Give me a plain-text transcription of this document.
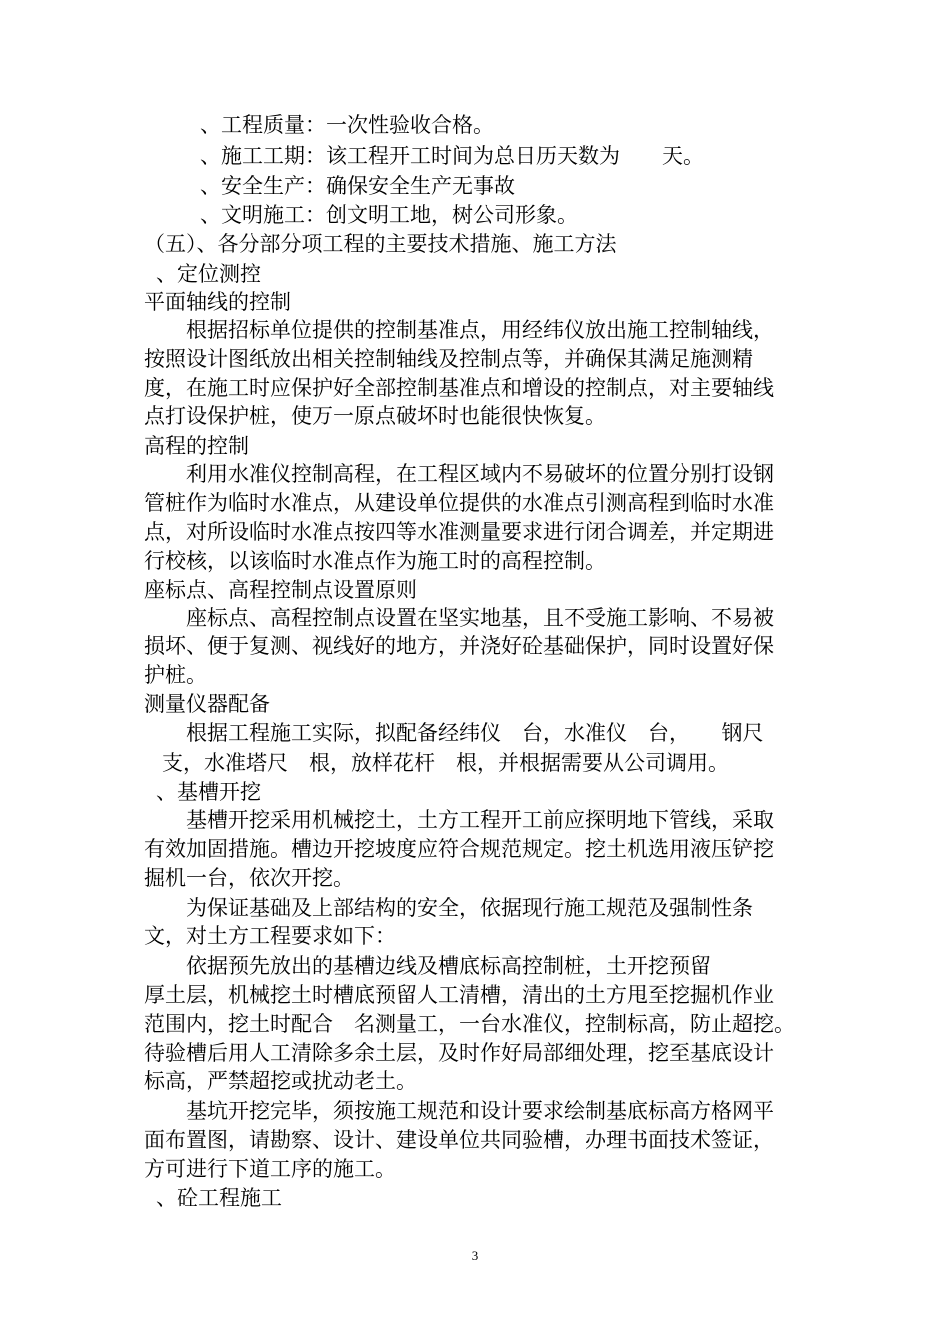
、工程质量：一次性验收合格。
、施工工期：该工程开工时间为总日历天数为　　天。
、安全生产：确保安全生产无事故
、文明施工：创文明工地，树公司形象。
（五）、各分部分项工程的主要技术措施、施工方法
、定位测控
平面轴线的控制
根据招标单位提供的控制基准点，用经纬仪放出施工控制轴线，
按照设计图纸放出相关控制轴线及控制点等，并确保其满足施测精
度，在施工时应保护好全部控制基准点和增设的控制点，对主要轴线
点打设保护桩，使万一原点破坏时也能很快恢复。
高程的控制
利用水准仪控制高程，在工程区域内不易破坏的位置分别打设钢
管桩作为临时水准点，从建设单位提供的水准点引测高程到临时水准
点，对所设临时水准点按四等水准测量要求进行闭合调差，并定期进
行校核，以该临时水准点作为施工时的高程控制。
座标点、高程控制点设置原则
座标点、高程控制点设置在坚实地基，且不受施工影响、不易被
损坏、便于复测、视线好的地方，并浇好砼基础保护，同时设置好保
护桩。
测量仪器配备
根据工程施工实际，拟配备经纬仪　台，水准仪　台，　　钢尺
支，水准塔尺　根，放样花杆　根，并根据需要从公司调用。
、基槽开挖
基槽开挖采用机械挖土，土方工程开工前应探明地下管线，采取
有效加固措施。槽边开挖坡度应符合规范规定。挖土机选用液压铲挖
掘机一台，依次开挖。
为保证基础及上部结构的安全，依据现行施工规范及强制性条
文，对土方工程要求如下：
依据预先放出的基槽边线及槽底标高控制桩，土开挖预留
厚土层，机械挖土时槽底预留人工清槽，清出的土方甩至挖掘机作业
范围内，挖土时配合　名测量工，一台水准仪，控制标高，防止超挖。
待验槽后用人工清除多余土层，及时作好局部细处理，挖至基底设计
标高，严禁超挖或扰动老土。
基坑开挖完毕，须按施工规范和设计要求绘制基底标高方格网平
面布置图，请勘察、设计、建设单位共同验槽，办理书面技术签证，
方可进行下道工序的施工。
、砼工程施工
3
